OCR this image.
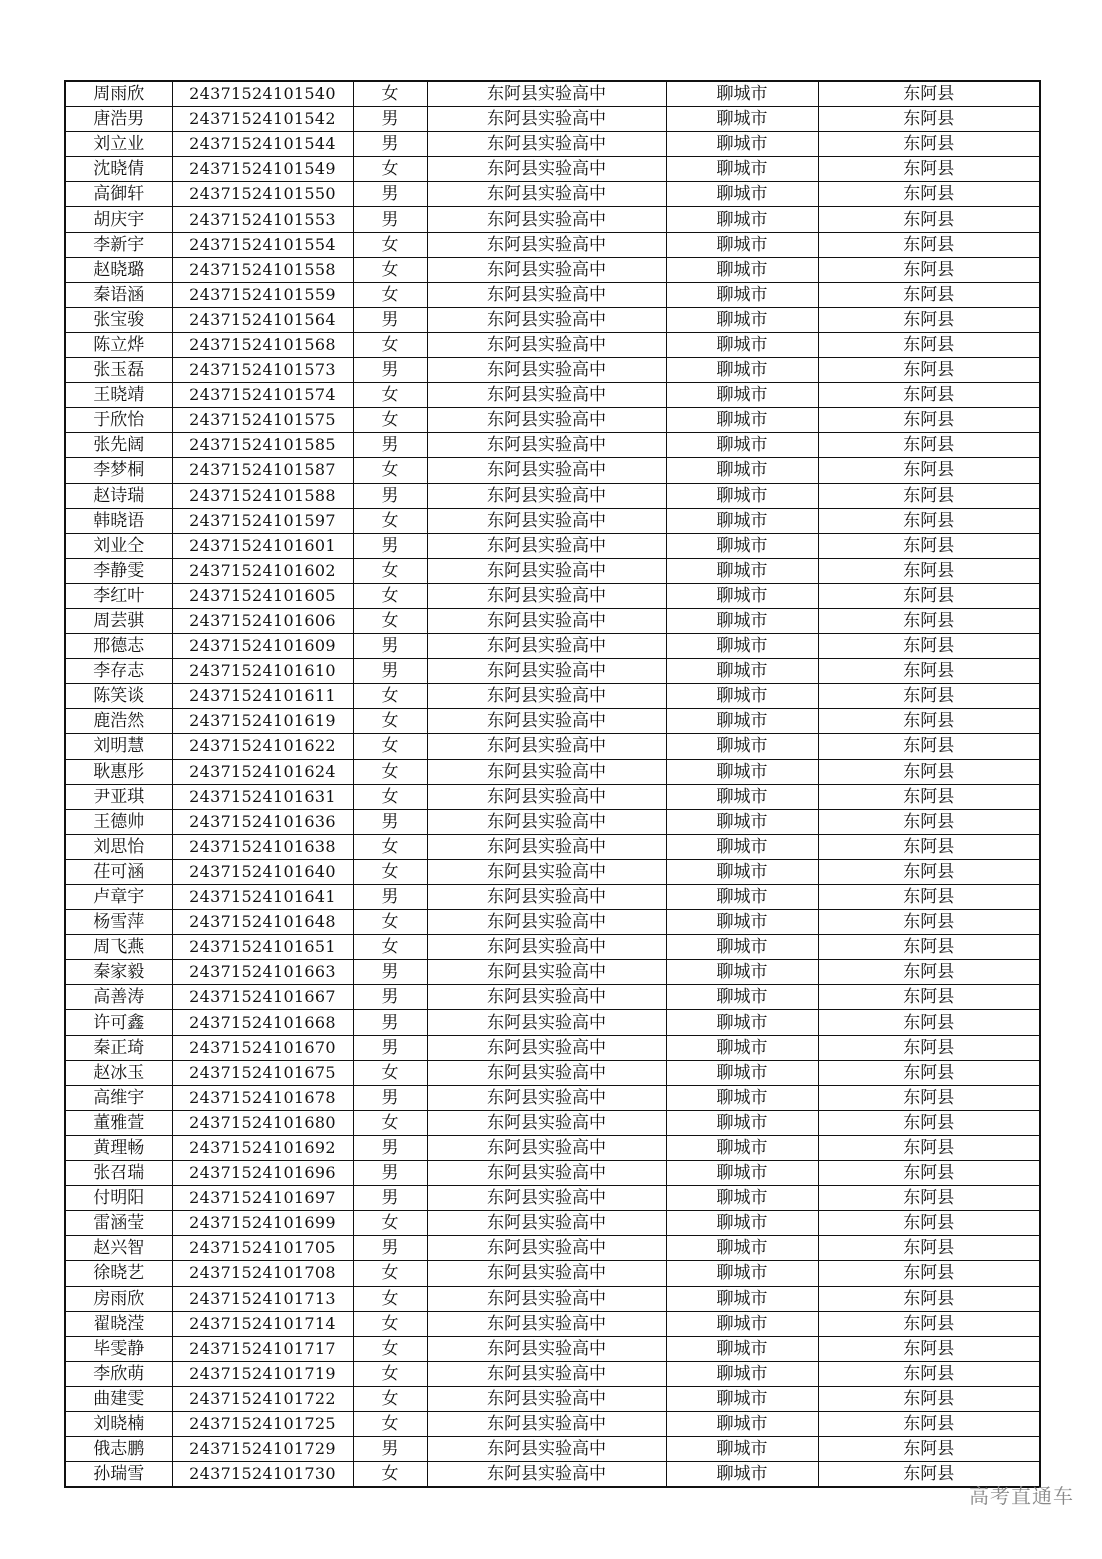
周雨欣	24371524101540	女	东阿县实验高中	聊城市	东阿县
唐浩男	24371524101542	男	东阿县实验高中	聊城市	东阿县
刘立业	24371524101544	男	东阿县实验高中	聊城市	东阿县
沈晓倩	24371524101549	女	东阿县实验高中	聊城市	东阿县
高御轩	24371524101550	男	东阿县实验高中	聊城市	东阿县
胡庆宇	24371524101553	男	东阿县实验高中	聊城市	东阿县
李新宇	24371524101554	女	东阿县实验高中	聊城市	东阿县
赵晓璐	24371524101558	女	东阿县实验高中	聊城市	东阿县
秦语涵	24371524101559	女	东阿县实验高中	聊城市	东阿县
张宝骏	24371524101564	男	东阿县实验高中	聊城市	东阿县
陈立烨	24371524101568	女	东阿县实验高中	聊城市	东阿县
张玉磊	24371524101573	男	东阿县实验高中	聊城市	东阿县
王晓靖	24371524101574	女	东阿县实验高中	聊城市	东阿县
于欣怡	24371524101575	女	东阿县实验高中	聊城市	东阿县
张先阔	24371524101585	男	东阿县实验高中	聊城市	东阿县
李梦桐	24371524101587	女	东阿县实验高中	聊城市	东阿县
赵诗瑞	24371524101588	男	东阿县实验高中	聊城市	东阿县
韩晓语	24371524101597	女	东阿县实验高中	聊城市	东阿县
刘业仝	24371524101601	男	东阿县实验高中	聊城市	东阿县
李静雯	24371524101602	女	东阿县实验高中	聊城市	东阿县
李红叶	24371524101605	女	东阿县实验高中	聊城市	东阿县
周芸骐	24371524101606	女	东阿县实验高中	聊城市	东阿县
邢德志	24371524101609	男	东阿县实验高中	聊城市	东阿县
李存志	24371524101610	男	东阿县实验高中	聊城市	东阿县
陈笑谈	24371524101611	女	东阿县实验高中	聊城市	东阿县
鹿浩然	24371524101619	女	东阿县实验高中	聊城市	东阿县
刘明慧	24371524101622	女	东阿县实验高中	聊城市	东阿县
耿惠彤	24371524101624	女	东阿县实验高中	聊城市	东阿县
尹亚琪	24371524101631	女	东阿县实验高中	聊城市	东阿县
王德帅	24371524101636	男	东阿县实验高中	聊城市	东阿县
刘思怡	24371524101638	女	东阿县实验高中	聊城市	东阿县
茌可涵	24371524101640	女	东阿县实验高中	聊城市	东阿县
卢章宇	24371524101641	男	东阿县实验高中	聊城市	东阿县
杨雪萍	24371524101648	女	东阿县实验高中	聊城市	东阿县
周飞燕	24371524101651	女	东阿县实验高中	聊城市	东阿县
秦家毅	24371524101663	男	东阿县实验高中	聊城市	东阿县
高善涛	24371524101667	男	东阿县实验高中	聊城市	东阿县
许可鑫	24371524101668	男	东阿县实验高中	聊城市	东阿县
秦正琦	24371524101670	男	东阿县实验高中	聊城市	东阿县
赵冰玉	24371524101675	女	东阿县实验高中	聊城市	东阿县
高维宇	24371524101678	男	东阿县实验高中	聊城市	东阿县
董雅萱	24371524101680	女	东阿县实验高中	聊城市	东阿县
黄理畅	24371524101692	男	东阿县实验高中	聊城市	东阿县
张召瑞	24371524101696	男	东阿县实验高中	聊城市	东阿县
付明阳	24371524101697	男	东阿县实验高中	聊城市	东阿县
雷涵莹	24371524101699	女	东阿县实验高中	聊城市	东阿县
赵兴智	24371524101705	男	东阿县实验高中	聊城市	东阿县
徐晓艺	24371524101708	女	东阿县实验高中	聊城市	东阿县
房雨欣	24371524101713	女	东阿县实验高中	聊城市	东阿县
翟晓滢	24371524101714	女	东阿县实验高中	聊城市	东阿县
毕雯静	24371524101717	女	东阿县实验高中	聊城市	东阿县
李欣萌	24371524101719	女	东阿县实验高中	聊城市	东阿县
曲建雯	24371524101722	女	东阿县实验高中	聊城市	东阿县
刘晓楠	24371524101725	女	东阿县实验高中	聊城市	东阿县
俄志鹏	24371524101729	男	东阿县实验高中	聊城市	东阿县
孙瑞雪	24371524101730	女	东阿县实验高中	聊城市	东阿县
高考直通车
